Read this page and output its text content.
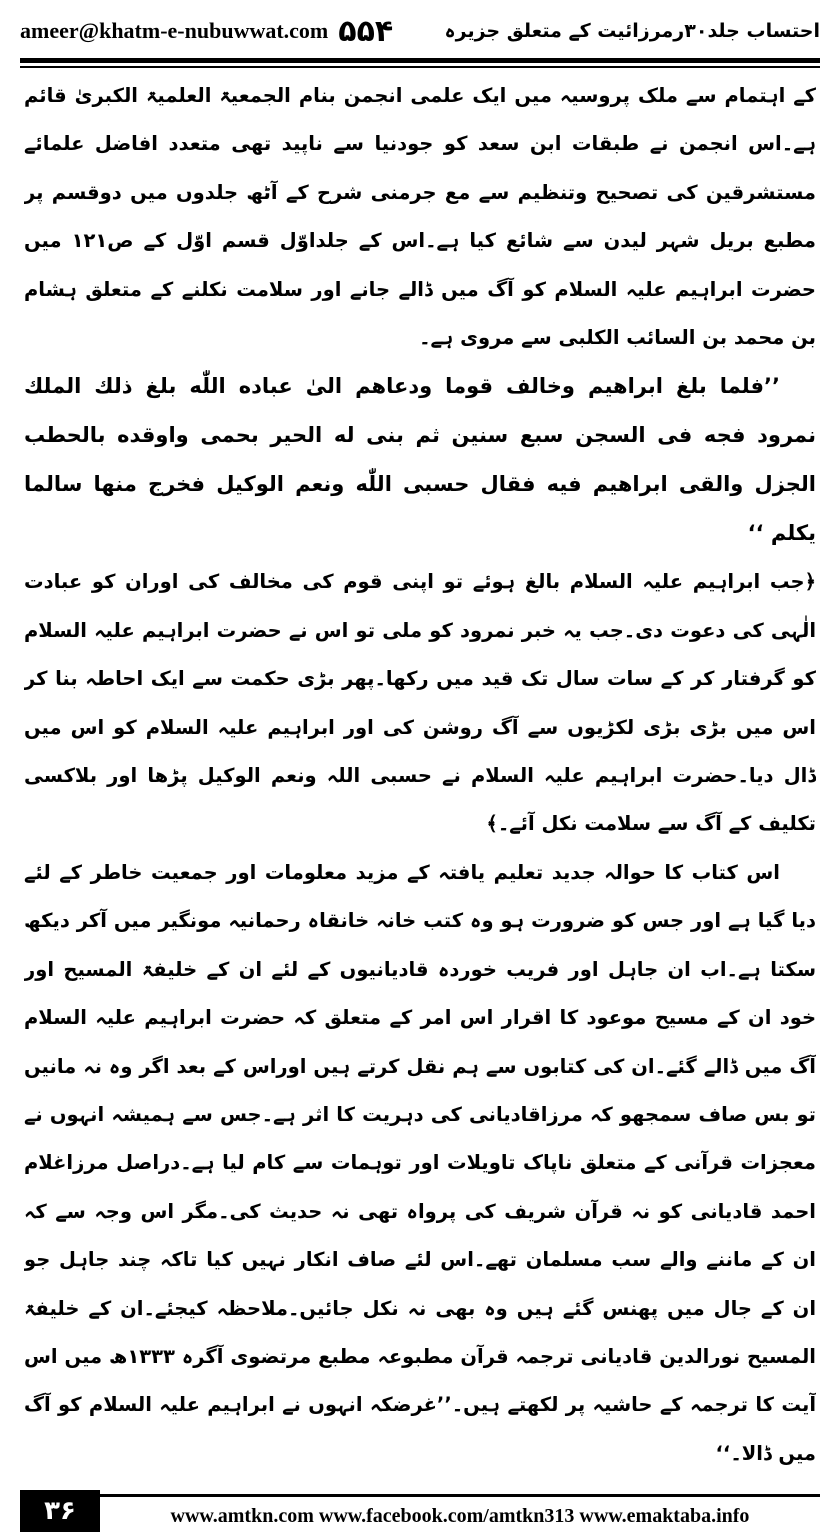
ameer@khatm-e-nubuwwat.com ۵۵۴	احتساب جلد۳۰رمرزائیت کے متعلق جزیرہ

کے اہتمام سے ملک پروسیہ میں ایک علمی انجمن بنام الجمعیۃ العلمیۃ الکبریٰ قائم ہے۔اس انجمن نے طبقات ابن سعد کو جودنیا سے ناپید تھی متعدد افاضل علمائے مستشرقین کی تصحیح وتنظیم سے مع جرمنی شرح کے آٹھ جلدوں میں دوقسم پر مطبع بریل شہر لیدن سے شائع کیا ہے۔اس کے جلداوّل قسم اوّل کے ص۱۲۱ میں حضرت ابراہیم علیہ السلام کو آگ میں ڈالے جانے اور سلامت نکلنے کے متعلق ہشام بن محمد بن السائب الکلبی سے مروی ہے۔

’’فلما بلغ ابراهيم وخالف قوما ودعاهم الىٰ عباده اللّٰه بلغ ذلك الملك نمرود فجه فى السجن سبع سنين ثم بنى له الحير بحمى واوقده بالحطب الجزل والقى ابراهيم فيه فقال حسبى اللّٰه ونعم الوكيل فخرج منها سالما يكلم ‘‘

﴿جب ابراہیم علیہ السلام بالغ ہوئے تو اپنی قوم کی مخالف کی اوران کو عبادت الٰہی کی دعوت دی۔جب یہ خبر نمرود کو ملی تو اس نے حضرت ابراہیم علیہ السلام کو گرفتار کر کے سات سال تک قید میں رکھا۔پھر بڑی حکمت سے ایک احاطہ بنا کر اس میں بڑی بڑی لکڑیوں سے آگ روشن کی اور ابراہیم علیہ السلام کو اس میں ڈال دیا۔حضرت ابراہیم علیہ السلام نے حسبی اللہ ونعم الوکیل پڑھا اور بلاکسی تکلیف کے آگ سے سلامت نکل آئے۔﴾

اس کتاب کا حوالہ جدید تعلیم یافتہ کے مزید معلومات اور جمعیت خاطر کے لئے دیا گیا ہے اور جس کو ضرورت ہو وہ کتب خانہ خانقاہ رحمانیہ مونگیر میں آکر دیکھ سکتا ہے۔اب ان جاہل اور فریب خوردہ قادیانیوں کے لئے ان کے خلیفۃ المسیح اور خود ان کے مسیح موعود کا اقرار اس امر کے متعلق کہ حضرت ابراہیم علیہ السلام آگ میں ڈالے گئے۔ان کی کتابوں سے ہم نقل کرتے ہیں اوراس کے بعد اگر وہ نہ مانیں تو بس صاف سمجھو کہ مرزاقادیانی کی دہریت کا اثر ہے۔جس سے ہمیشہ انہوں نے معجزات قرآنی کے متعلق ناپاک تاویلات اور توہمات سے کام لیا ہے۔دراصل مرزاغلام احمد قادیانی کو نہ قرآن شریف کی پرواہ تھی نہ حدیث کی۔مگر اس وجہ سے کہ ان کے ماننے والے سب مسلمان تھے۔اس لئے صاف انکار نہیں کیا تاکہ چند جاہل جو ان کے جال میں پھنس گئے ہیں وہ بھی نہ نکل جائیں۔ملاحظہ کیجئے۔ان کے خلیفۃ المسیح نورالدین قادیانی ترجمہ قرآن مطبوعہ مطبع مرتضوی آگرہ ۱۳۳۳ھ میں اس آیت کا ترجمہ کے حاشیہ پر لکھتے ہیں۔’’غرضکہ انہوں نے ابراہیم علیہ السلام کو آگ میں ڈالا۔‘‘

۳۶	www.amtkn.com www.facebook.com/amtkn313 www.emaktaba.info
